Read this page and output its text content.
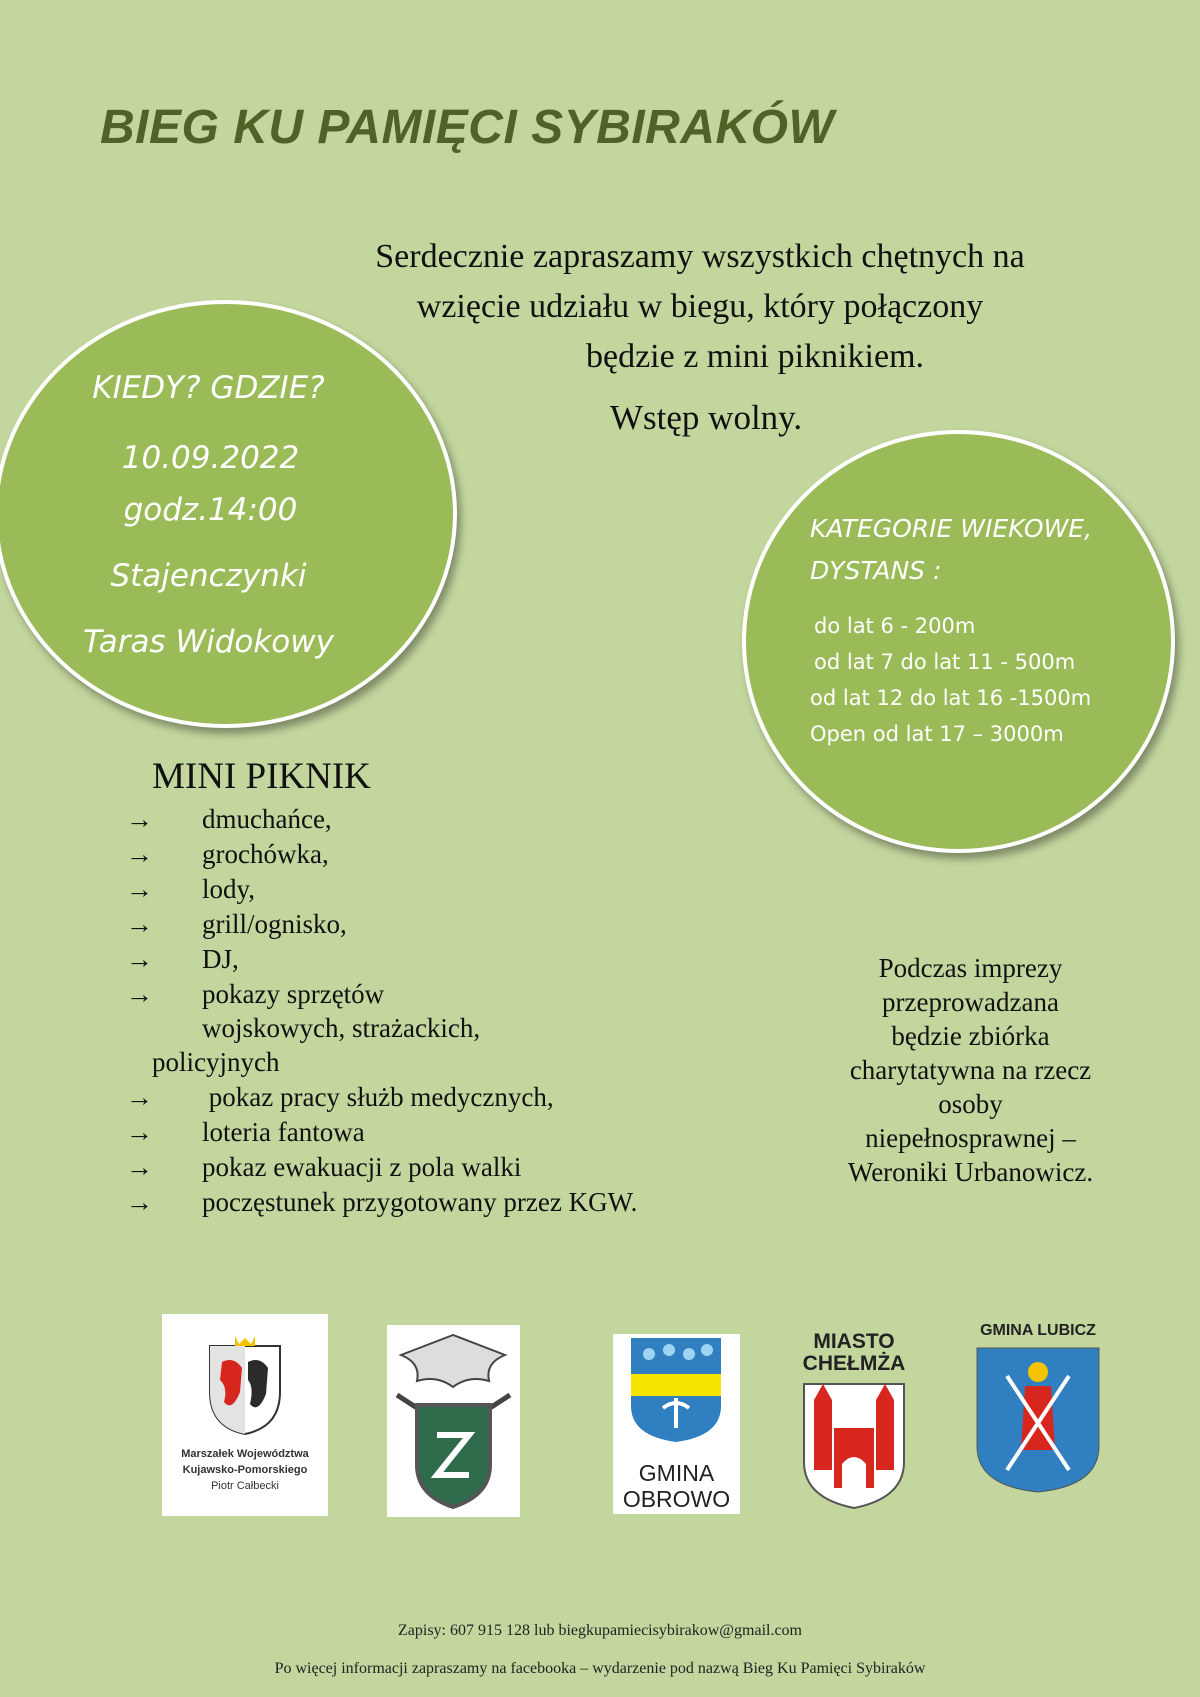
BIEG KU PAMIĘCI SYBIRAKÓW
Serdecznie zapraszamy wszystkich chętnych na
wzięcie udziału w biegu, który połączony
będzie z mini piknikiem.
Wstęp wolny.
KIEDY? GDZIE?
10.09.2022
godz.14:00
Stajenczynki
Taras Widokowy
KATEGORIE WIEKOWE,
DYSTANS :
do lat 6 - 200m
od lat 7 do lat 11 - 500m
od lat 12 do lat 16 -1500m
Open od lat 17 – 3000m
MINI PIKNIK
→ dmuchańce,
→ grochówka,
→ lody,
→ grill/ognisko,
→ DJ,
→ pokazy sprzętów
wojskowych, strażackich,
policyjnych
→ pokaz pracy służb medycznych,
→ loteria fantowa
→ pokaz ewakuacji z pola walki
→ poczęstunek przygotowany przez KGW.
Podczas imprezy
przeprowadzana
będzie zbiórka
charytatywna na rzecz
osoby
niepełnosprawnej –
Weroniki Urbanowicz.
Marszałek Województwa
Kujawsko-Pomorskiego
Piotr Całbecki	GMINA
OBROWO
MIASTO
CHEŁMŻA
GMINA LUBICZ
Zapisy: 607 915 128 lub biegkupamiecisybirakow@gmail.com
Po więcej informacji zapraszamy na facebooka – wydarzenie pod nazwą Bieg Ku Pamięci Sybiraków
